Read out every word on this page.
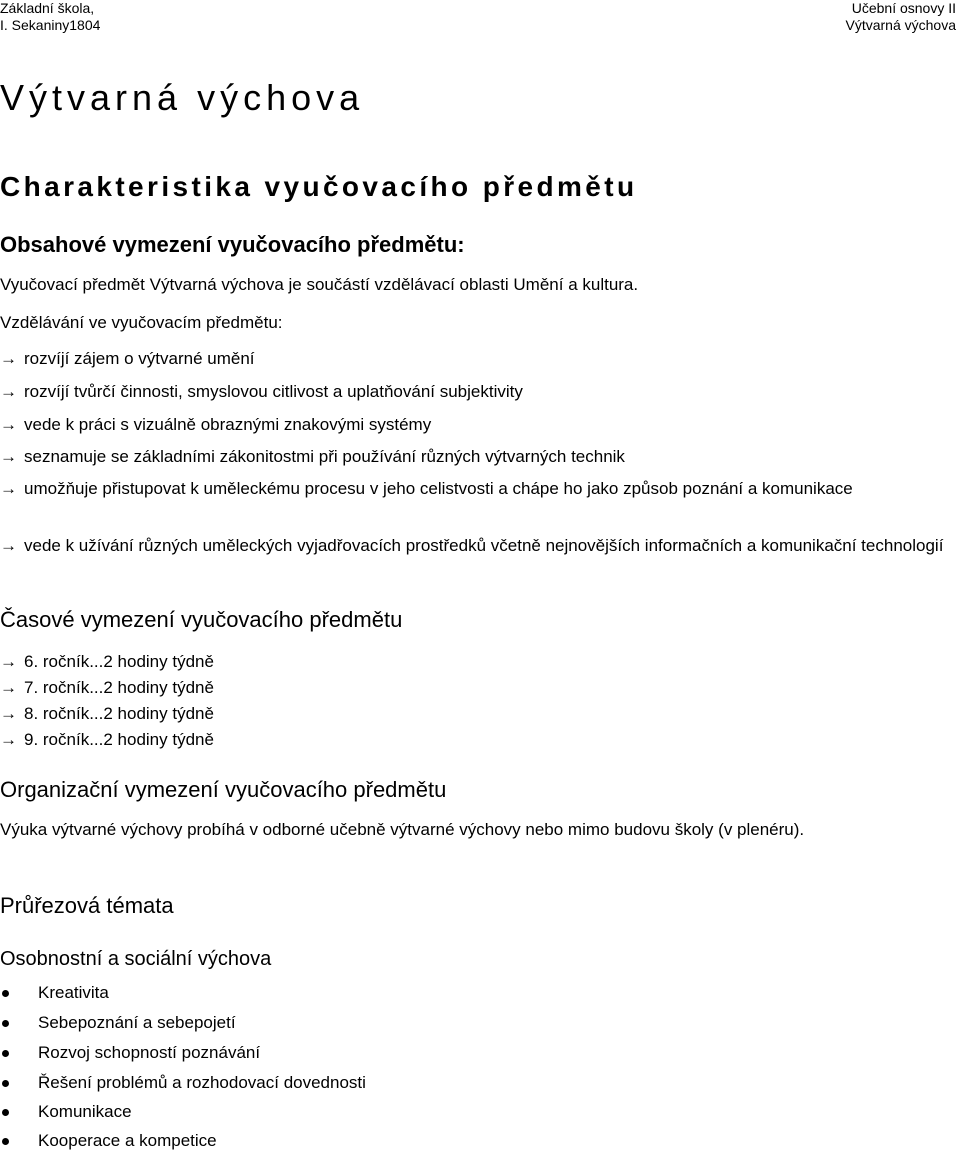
Základní škola,
I. Sekaniny1804
Učební osnovy II
Výtvarná výchova
Výtvarná výchova
Charakteristika vyučovacího předmětu
Obsahové vymezení vyučovacího předmětu:

Vyučovací předmět Výtvarná výchova je součástí vzdělávací oblasti Umění a kultura.

Vzdělávání ve vyučovacím předmětu:

→ rozvíjí zájem o výtvarné umění
→ rozvíjí tvůrčí činnosti, smyslovou citlivost a uplatňování subjektivity
→ vede k práci s vizuálně obraznými znakovými systémy
→ seznamuje se základními zákonitostmi při používání různých výtvarných technik
→ umožňuje přistupovat k uměleckému procesu v jeho celistvosti a chápe ho jako způsob poznání a komunikace
→ vede k užívání různých uměleckých vyjadřovacích prostředků včetně nejnovějších informačních a komunikační technologií
Časové vymezení vyučovacího předmětu
→ 6. ročník...2 hodiny týdně
→ 7. ročník...2 hodiny týdně
→ 8. ročník...2 hodiny týdně
→ 9. ročník...2 hodiny týdně
Organizační vymezení vyučovacího předmětu

Výuka výtvarné výchovy probíhá v odborné učebně výtvarné výchovy nebo mimo budovu školy (v plenéru).

Průřezová témata
Osobnostní a sociální výchova
Kreativita
Sebepoznání a sebepojetí
Rozvoj schopností poznávání
Řešení problémů a rozhodovací dovednosti
Komunikace
Kooperace a kompetice
